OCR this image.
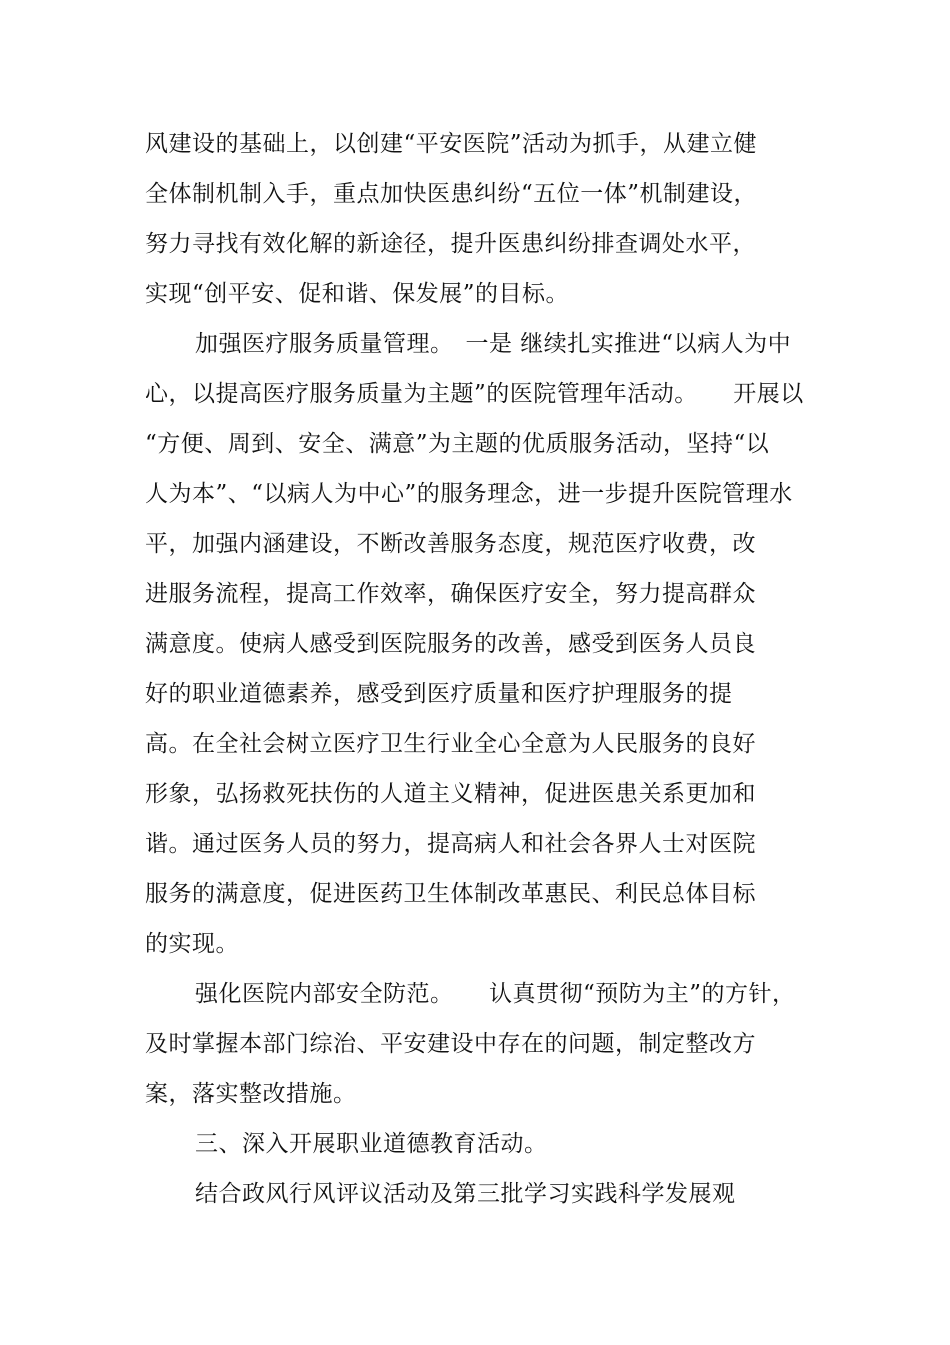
风建设的基础上，以创建“平安医院”活动为抓手，从建立健
全体制机制入手，重点加快医患纠纷“五位一体”机制建设，
努力寻找有效化解的新途径，提升医患纠纷排查调处水平，
实现“创平安、促和谐、保发展”的目标。
加强医疗服务质量管理。　一是 继续扎实推进“以病人为中
心，以提高医疗服务质量为主题”的医院管理年活动。　　开展以
“方便、周到、安全、满意”为主题的优质服务活动，坚持“以
人为本”、“以病人为中心”的服务理念，进一步提升医院管理水
平，加强内涵建设，不断改善服务态度，规范医疗收费，改
进服务流程，提高工作效率，确保医疗安全，努力提高群众
满意度。使病人感受到医院服务的改善，感受到医务人员良
好的职业道德素养，感受到医疗质量和医疗护理服务的提
高。在全社会树立医疗卫生行业全心全意为人民服务的良好
形象，弘扬救死扶伤的人道主义精神，促进医患关系更加和
谐。通过医务人员的努力，提高病人和社会各界人士对医院
服务的满意度，促进医药卫生体制改革惠民、利民总体目标
的实现。
强化医院内部安全防范。　　认真贯彻“预防为主”的方针，
及时掌握本部门综治、平安建设中存在的问题，制定整改方
案，落实整改措施。
三、深入开展职业道德教育活动。
结合政风行风评议活动及第三批学习实践科学发展观
